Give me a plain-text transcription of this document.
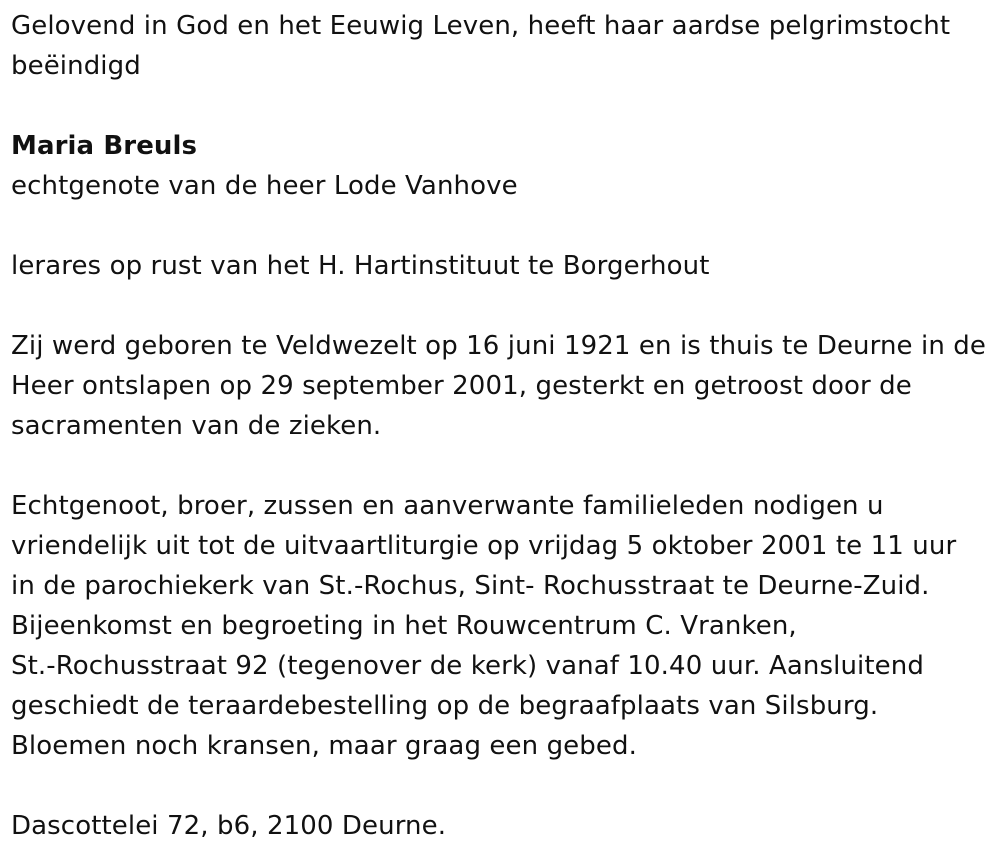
Gelovend in God en het Eeuwig Leven, heeft haar aardse pelgrimstocht
beëindigd

Maria Breuls

echtgenote van de heer Lode Vanhove

lerares op rust van het H. Hartinstituut te Borgerhout

Zij werd geboren te Veldwezelt op 16 juni 1921 en is thuis te Deurne in de
Heer ontslapen op 29 september 2001, gesterkt en getroost door de
sacramenten van de zieken.

Echtgenoot, broer, zussen en aanverwante familieleden nodigen u
vriendelijk uit tot de uitvaartliturgie op vrijdag 5 oktober 2001 te 11 uur
in de parochiekerk van St.-Rochus, Sint- Rochusstraat te Deurne-Zuid.
Bijeenkomst en begroeting in het Rouwcentrum C. Vranken,
St.-Rochusstraat 92 (tegenover de kerk) vanaf 10.40 uur. Aansluitend
geschiedt de teraardebestelling op de begraafplaats van Silsburg.
Bloemen noch kransen, maar graag een gebed.

Dascottelei 72, b6, 2100 Deurne.
